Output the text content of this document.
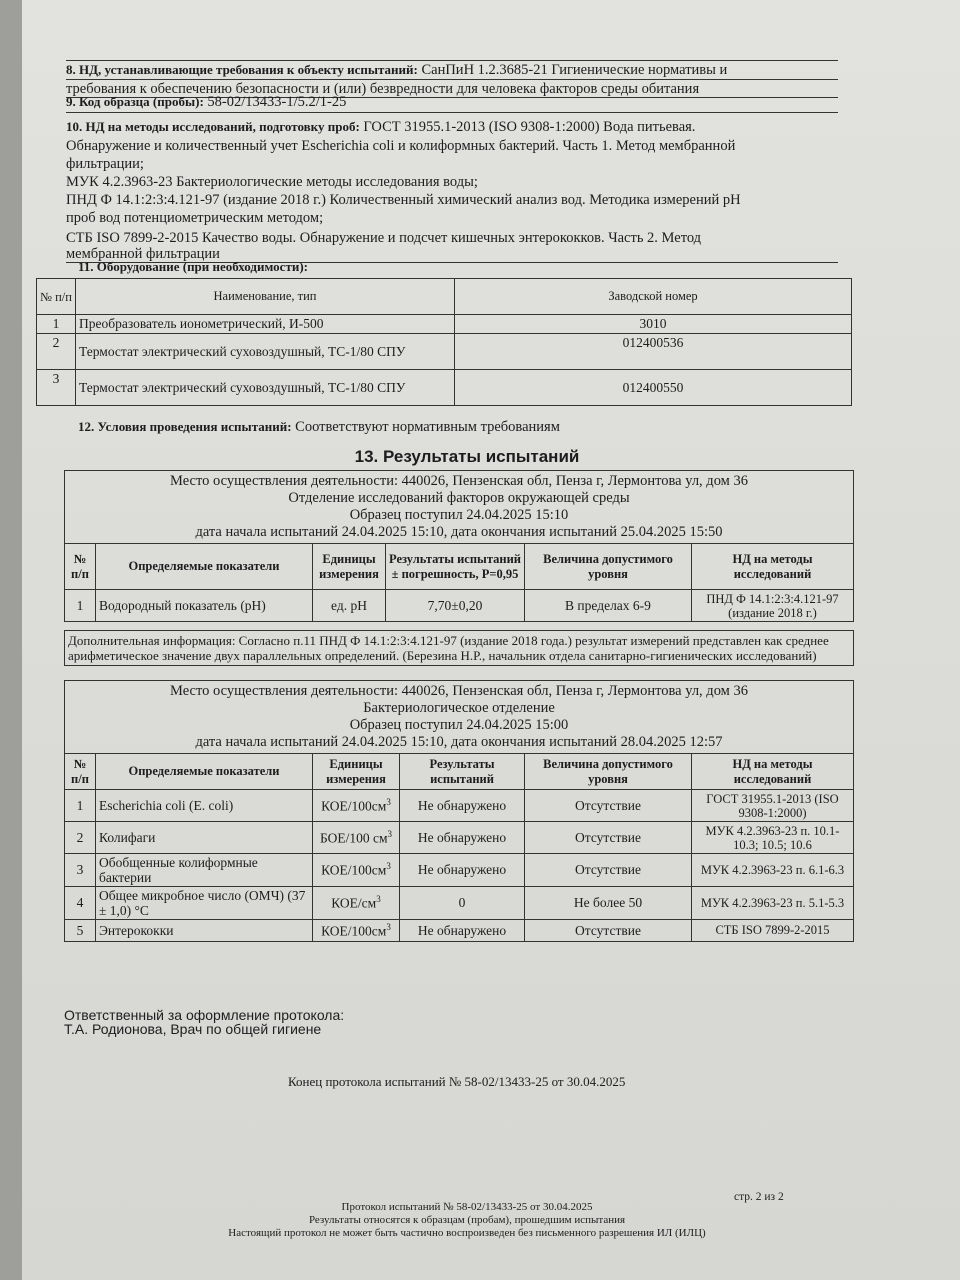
8. НД, устанавливающие требования к объекту испытаний: СанПиН 1.2.3685-21 Гигиенические нормативы и
требования к обеспечению безопасности и (или) безвредности для человека факторов среды обитания
9. Код образца (пробы): 58-02/13433-1/5.2/1-25
10. НД на методы исследований, подготовку проб: ГОСТ 31955.1-2013 (ISO 9308-1:2000) Вода питьевая.
Обнаружение и количественный учет Escherichia coli и колиформных бактерий. Часть 1. Метод мембранной
фильтрации;
МУК 4.2.3963-23 Бактериологические методы исследования воды;
ПНД Ф 14.1:2:3:4.121-97 (издание 2018 г.) Количественный химический анализ вод. Методика измерений pH
проб вод потенциометрическим методом;
СТБ ISO 7899-2-2015 Качество воды. Обнаружение и подсчет кишечных энтерококков. Часть 2. Метод
мембранной фильтрации
11. Оборудование (при необходимости):
№ п/п	Наименование, тип	Заводской номер
1	Преобразователь ионометрический, И-500	3010
2	Термостат электрический суховоздушный, ТС-1/80 СПУ	012400536
3	Термостат электрический суховоздушный, ТС-1/80 СПУ	012400550
12. Условия проведения испытаний: Соответствуют нормативным требованиям
13. Результаты испытаний
Место осуществления деятельности: 440026, Пензенская обл, Пенза г, Лермонтова ул, дом 36
Отделение исследований факторов окружающей среды
Образец поступил 24.04.2025 15:10
дата начала испытаний 24.04.2025 15:10, дата окончания испытаний 25.04.2025 15:50					

№ п/п	Определяемые показатели	Единицы измерения	Результаты испытаний ± погрешность, Р=0,95	Величина допустимого уровня	НД на методы исследований
1	Водородный показатель (pH)	ед. pH	7,70±0,20	В пределах 6-9	ПНД Ф 14.1:2:3:4.121-97 (издание 2018 г.)
Дополнительная информация: Согласно п.11 ПНД Ф 14.1:2:3:4.121-97 (издание 2018 года.) результат измерений представлен как среднее арифметическое значение двух параллельных определений. (Березина Н.Р., начальник отдела санитарно-гигиенических исследований)
Место осуществления деятельности: 440026, Пензенская обл, Пенза г, Лермонтова ул, дом 36
Бактериологическое отделение
Образец поступил 24.04.2025 15:00
дата начала испытаний 24.04.2025 15:10, дата окончания испытаний 28.04.2025 12:57					

№ п/п	Определяемые показатели	Единицы измерения	Результаты испытаний	Величина допустимого уровня	НД на методы исследований
1	Escherichia coli (E. coli)	КОЕ/$100см^3$	Не обнаружено	Отсутствие	ГОСТ 31955.1-2013 (ISO 9308-1:2000)
2	Колифаги	БОЕ/100 $см^3$	Не обнаружено	Отсутствие	МУК 4.2.3963-23 п. 10.1-10.3; 10.5; 10.6
3	Обобщенные колиформные бактерии	КОЕ/$100см^3$	Не обнаружено	Отсутствие	МУК 4.2.3963-23 п. 6.1-6.3
4	Общее микробное число (ОМЧ) (37 ± 1,0) °С	КОЕ/$см^3$	0	Не более 50	МУК 4.2.3963-23 п. 5.1-5.3
5	Энтерококки	КОЕ/$100см^3$	Не обнаружено	Отсутствие	СТБ ISO 7899-2-2015
Ответственный за оформление протокола:
Т.А. Родионова, Врач по общей гигиене
Конец протокола испытаний № 58-02/13433-25 от 30.04.2025
стр. 2 из 2
Протокол испытаний № 58-02/13433-25 от 30.04.2025
Результаты относятся к образцам (пробам), прошедшим испытания
Настоящий протокол не может быть частично воспроизведен без письменного разрешения ИЛ (ИЛЦ)
